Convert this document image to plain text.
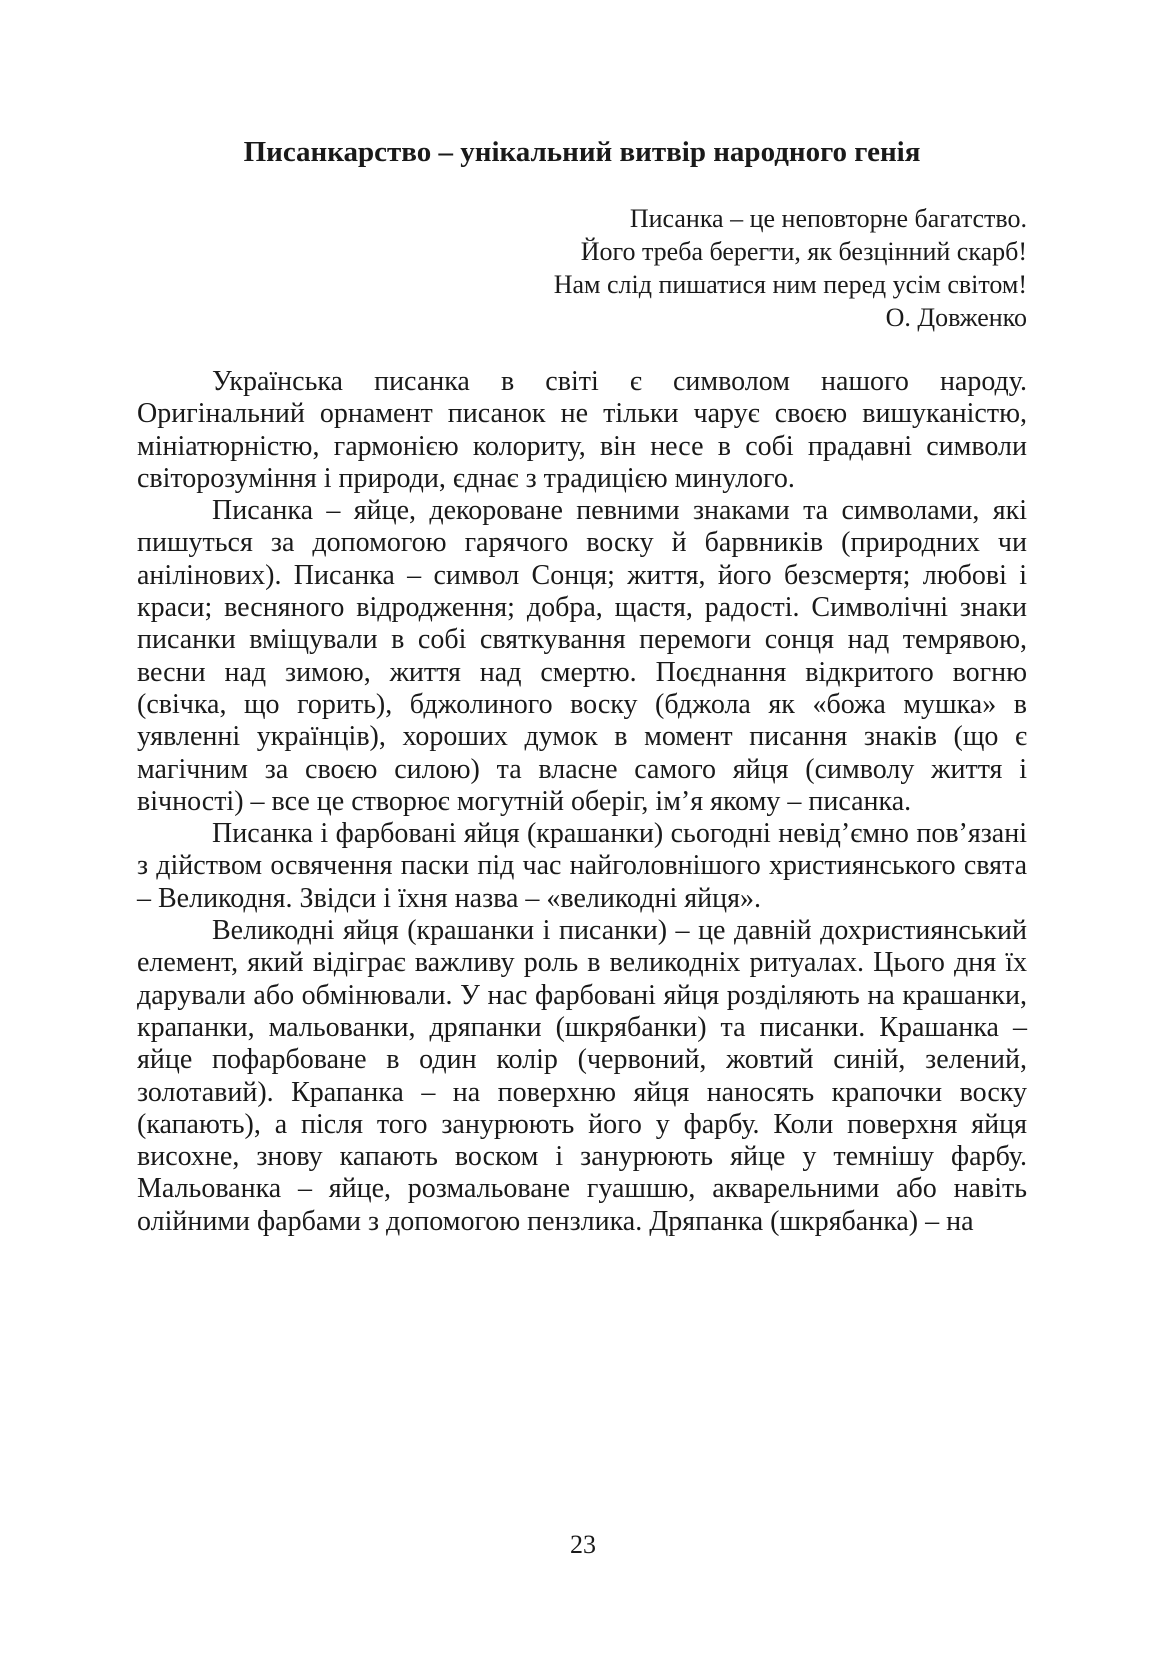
Писанкарство – унікальний витвір народного генія
Писанка – це неповторне багатство.
Його треба берегти, як безцінний скарб!
Нам слід пишатися ним перед усім світом!
О. Довженко

Українська писанка в світі є символом нашого народу. Оригінальний орнамент писанок не тільки чарує своєю вишуканістю, мініатюрністю, гармонією колориту, він несе в собі прадавні символи світорозуміння і природи, єднає з традицією минулого.

Писанка – яйце, декороване певними знаками та символами, які пишуться за допомогою гарячого воску й барвників (природних чи анілінових). Писанка – символ Сонця; життя, його безсмертя; любові і краси; весняного відродження; добра, щастя, радості. Символічні знаки писанки вміщували в собі святкування перемоги сонця над темрявою, весни над зимою, життя над смертю. Поєднання відкритого вогню (свічка, що горить), бджолиного воску (бджола як «божа мушка» в уявленні українців), хороших думок в момент писання знаків (що є магічним за своєю силою) та власне самого яйця (символу життя і вічності) – все це створює могутній оберіг, ім’я якому – писанка.

Писанка і фарбовані яйця (крашанки) сьогодні невід’ємно пов’язані з дійством освячення паски під час найголовнішого християнського свята – Великодня. Звідси і їхня назва – «великодні яйця».

Великодні яйця (крашанки і писанки) – це давній дохристиянський елемент, який відіграє важливу роль в великодніх ритуалах. Цього дня їх дарували або обмінювали. У нас фарбовані яйця розділяють на крашанки, крапанки, мальованки, дряпанки (шкрябанки) та писанки. Крашанка – яйце пофарбоване в один колір (червоний, жовтий синій, зелений, золотавий). Крапанка – на поверхню яйця наносять крапочки воску (капають), а після того занурюють його у фарбу. Коли поверхня яйця висохне, знову капають воском і занурюють яйце у темнішу фарбу. Мальованка – яйце, розмальоване гуашшю, акварельними або навіть олійними фарбами з допомогою пензлика. Дряпанка (шкрябанка) – на

23
